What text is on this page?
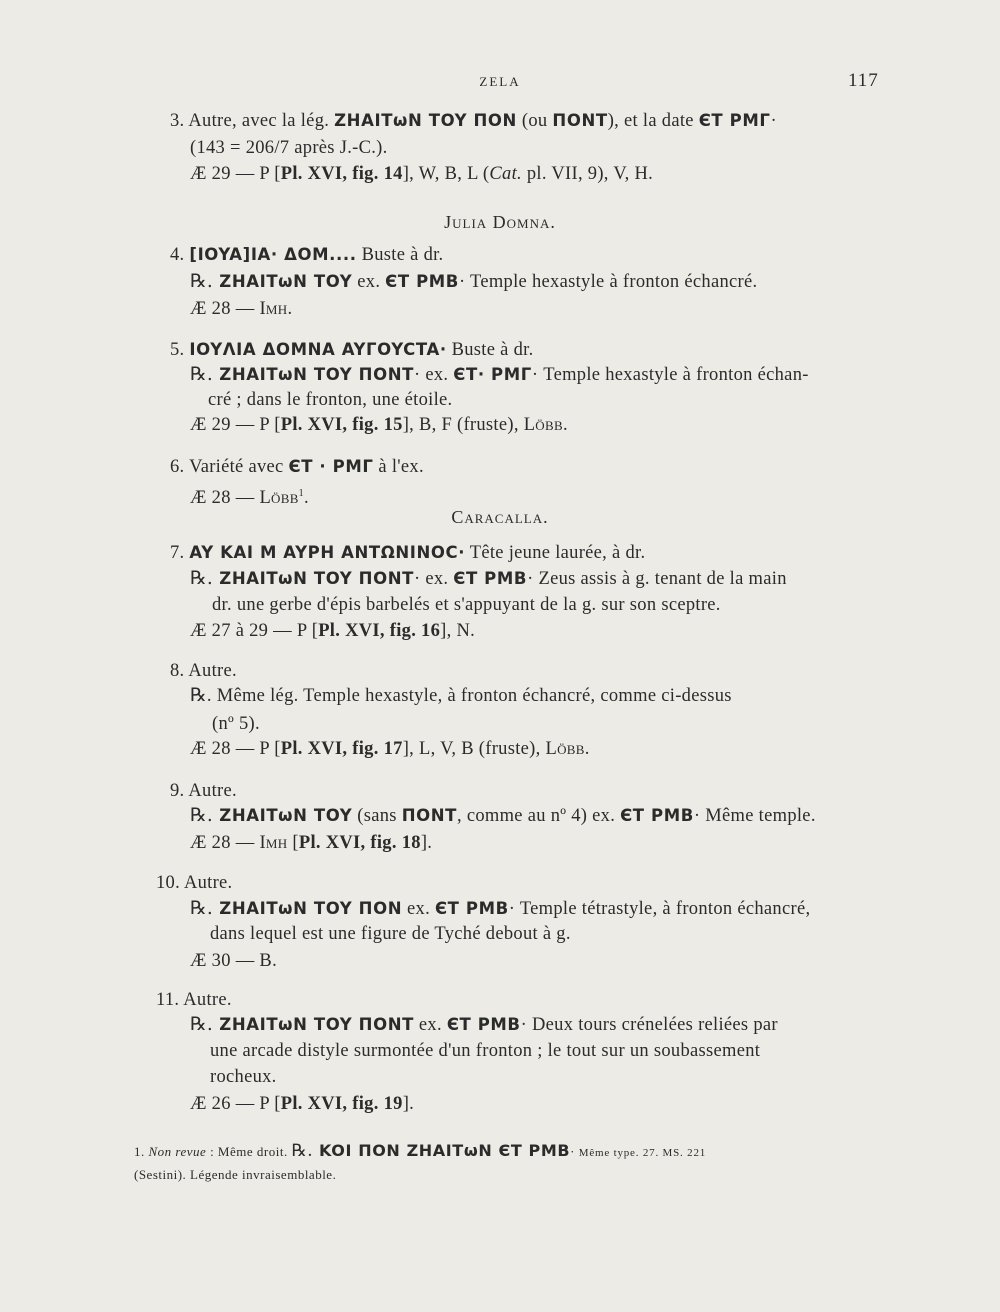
ZELA	117
3. Autre, avec la lég. ZHAITωN TOY ΠON (ou ΠONT), et la date ЄT PMΓ·
(143 = 206/7 après J.-C.).
Æ 29 — P [Pl. XVI, fig. 14], W, B, L (Cat. pl. VII, 9), V, H.
Julia Domna.
4. [IOYA]IA· ΔOM.... Buste à dr.
℞. ZHAITωN TOY ex. ЄT PMB· Temple hexastyle à fronton échancré.
Æ 28 — Imh.
5. IOYΛIA ΔOMNA AYΓOYCTA· Buste à dr.
℞. ZHAITωN TOY ΠONT· ex. ЄT· PMΓ· Temple hexastyle à fronton échan-
cré ; dans le fronton, une étoile.
Æ 29 — P [Pl. XVI, fig. 15], B, F (fruste), Löbb.
6. Variété avec ЄT · PMΓ à l'ex.
Æ 28 — Löbb$^1$.
Caracalla.
7. AY KAI M AYPH ANTΩNINOC· Tête jeune laurée, à dr.
℞. ZHAITωN TOY ΠONT· ex. ЄT PMB· Zeus assis à g. tenant de la main
dr. une gerbe d'épis barbelés et s'appuyant de la g. sur son sceptre.
Æ 27 à 29 — P [Pl. XVI, fig. 16], N.
8. Autre.
℞. Même lég. Temple hexastyle, à fronton échancré, comme ci-dessus
(nº 5).
Æ 28 — P [Pl. XVI, fig. 17], L, V, B (fruste), Löbb.
9. Autre.
℞. ZHAITωN TOY (sans ΠONT, comme au nº 4) ex. ЄT PMB· Même temple.
Æ 28 — Imh [Pl. XVI, fig. 18].
10. Autre.
℞. ZHAITωN TOY ΠON ex. ЄT PMB· Temple tétrastyle, à fronton échancré,
dans lequel est une figure de Tyché debout à g.
Æ 30 — B.
11. Autre.
℞. ZHAITωN TOY ΠONT ex. ЄT PMB· Deux tours crénelées reliées par
une arcade distyle surmontée d'un fronton ; le tout sur un soubassement
rocheux.
Æ 26 — P [Pl. XVI, fig. 19].
1. Non revue : Même droit. ℞. KOI ΠON ZHAITωN ЄT PMB· Même type. 27. MS. 221
(Sestini). Légende invraisemblable.
